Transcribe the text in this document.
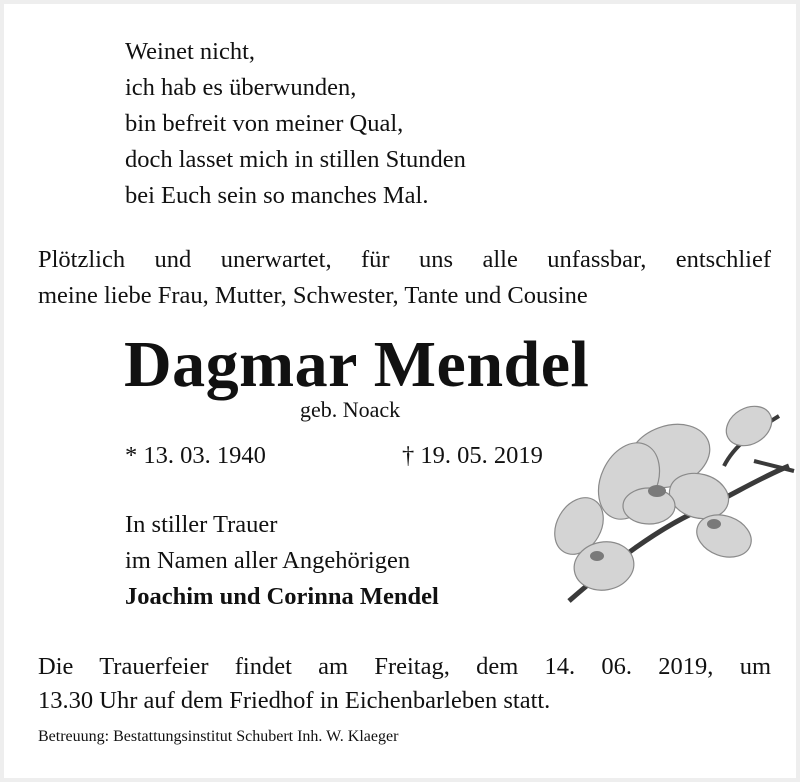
Weinet nicht,
ich hab es überwunden,
bin befreit von meiner Qual,
doch lasset mich in stillen Stunden
bei Euch sein so manches Mal.
Plötzlich und unerwartet, für uns alle unfassbar, entschlief
meine liebe Frau, Mutter, Schwester, Tante und Cousine
Dagmar Mendel
geb. Noack
* 13. 03. 1940	† 19. 05. 2019
In stiller Trauer
im Namen aller Angehörigen
Joachim und Corinna Mendel
Die Trauerfeier findet am Freitag, dem 14. 06. 2019, um
13.30 Uhr auf dem Friedhof in Eichenbarleben statt.
Betreuung: Bestattungsinstitut Schubert Inh. W. Klaeger
